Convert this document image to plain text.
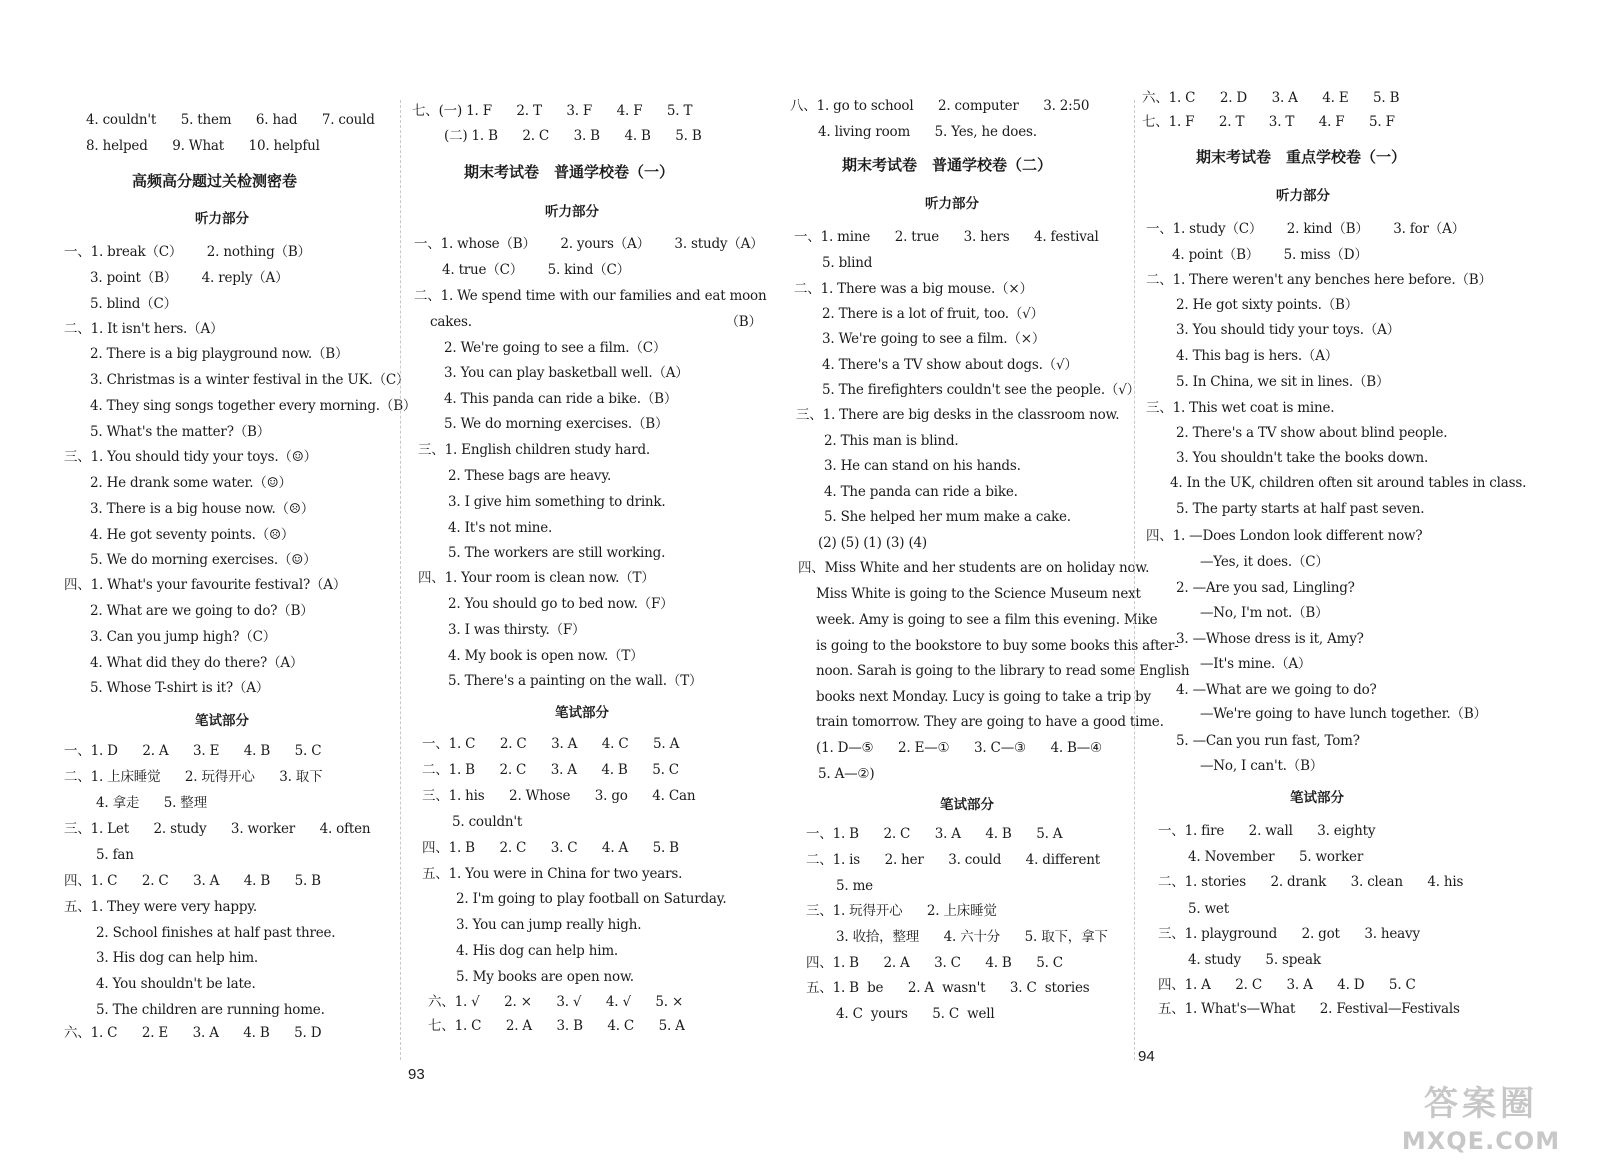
4. couldn't      5. them      6. had      7. could
8. helped      9. What      10. helpful
高频高分题过关检测密卷
听力部分
一、1. break（C）      2. nothing（B）
3. point（B）      4. reply（A）
5. blind（C）
二、1. It isn't hers.（A）
2. There is a big playground now.（B）
3. Christmas is a winter festival in the UK.（C）
4. They sing songs together every morning.（B）
5. What's the matter?（B）
三、1. You should tidy your toys.（☺）
2. He drank some water.（☺）
3. There is a big house now.（☹）
4. He got seventy points.（☹）
5. We do morning exercises.（☺）
四、1. What's your favourite festival?（A）
2. What are we going to do?（B）
3. Can you jump high?（C）
4. What did they do there?（A）
5. Whose T-shirt is it?（A）
笔试部分
一、1. D      2. A      3. E      4. B      5. C
二、1. 上床睡觉      2. 玩得开心      3. 取下
4. 拿走      5. 整理
三、1. Let      2. study      3. worker      4. often
5. fan
四、1. C      2. C      3. A      4. B      5. B
五、1. They were very happy.
2. School finishes at half past three.
3. His dog can help him.
4. You shouldn't be late.
5. The children are running home.
六、1. C      2. E      3. A      4. B      5. D
七、(一) 1. F      2. T      3. F      4. F      5. T
(二) 1. B      2. C      3. B      4. B      5. B
期末考试卷　普通学校卷（一）
听力部分
一、1. whose（B）      2. yours（A）      3. study（A）
4. true（C）      5. kind（C）
二、1. We spend time with our families and eat moon
cakes.                                                              （B）
2. We're going to see a film.（C）
3. You can play basketball well.（A）
4. This panda can ride a bike.（B）
5. We do morning exercises.（B）
三、1. English children study hard.
2. These bags are heavy.
3. I give him something to drink.
4. It's not mine.
5. The workers are still working.
四、1. Your room is clean now.（T）
2. You should go to bed now.（F）
3. I was thirsty.（F）
4. My book is open now.（T）
5. There's a painting on the wall.（T）
笔试部分
一、1. C      2. C      3. A      4. C      5. A
二、1. B      2. C      3. A      4. B      5. C
三、1. his      2. Whose      3. go      4. Can
5. couldn't
四、1. B      2. C      3. C      4. A      5. B
五、1. You were in China for two years.
2. I'm going to play football on Saturday.
3. You can jump really high.
4. His dog can help him.
5. My books are open now.
六、1. √      2. ×      3. √      4. √      5. ×
七、1. C      2. A      3. B      4. C      5. A
93
八、1. go to school      2. computer      3. 2:50
4. living room      5. Yes, he does.
期末考试卷　普通学校卷（二）
听力部分
一、1. mine      2. true      3. hers      4. festival
5. blind
二、1. There was a big mouse.（×）
2. There is a lot of fruit, too.（√）
3. We're going to see a film.（×）
4. There's a TV show about dogs.（√）
5. The firefighters couldn't see the people.（√）
三、1. There are big desks in the classroom now.
2. This man is blind.
3. He can stand on his hands.
4. The panda can ride a bike.
5. She helped her mum make a cake.
(2) (5) (1) (3) (4)
四、Miss White and her students are on holiday now.
Miss White is going to the Science Museum next
week. Amy is going to see a film this evening. Mike
is going to the bookstore to buy some books this after-
noon. Sarah is going to the library to read some English
books next Monday. Lucy is going to take a trip by
train tomorrow. They are going to have a good time.
(1. D—⑤      2. E—①      3. C—③      4. B—④
5. A—②)
笔试部分
一、1. B      2. C      3. A      4. B      5. A
二、1. is      2. her      3. could      4. different
5. me
三、1. 玩得开心      2. 上床睡觉
3. 收拾，整理      4. 六十分      5. 取下，拿下
四、1. B      2. A      3. C      4. B      5. C
五、1. B  be      2. A  wasn't      3. C  stories
4. C  yours      5. C  well
六、1. C      2. D      3. A      4. E      5. B
七、1. F      2. T      3. T      4. F      5. F
期末考试卷　重点学校卷（一）
听力部分
一、1. study（C）      2. kind（B）      3. for（A）
4. point（B）      5. miss（D）
二、1. There weren't any benches here before.（B）
2. He got sixty points.（B）
3. You should tidy your toys.（A）
4. This bag is hers.（A）
5. In China, we sit in lines.（B）
三、1. This wet coat is mine.
2. There's a TV show about blind people.
3. You shouldn't take the books down.
4. In the UK, children often sit around tables in class.
5. The party starts at half past seven.
四、1. —Does London look different now?
—Yes, it does.（C）
2. —Are you sad, Lingling?
—No, I'm not.（B）
3. —Whose dress is it, Amy?
—It's mine.（A）
4. —What are we going to do?
—We're going to have lunch together.（B）
5. —Can you run fast, Tom?
—No, I can't.（B）
笔试部分
一、1. fire      2. wall      3. eighty
4. November      5. worker
二、1. stories      2. drank      3. clean      4. his
5. wet
三、1. playground      2. got      3. heavy
4. study      5. speak
四、1. A      2. C      3. A      4. D      5. C
五、1. What's—What      2. Festival—Festivals
94
答案圈
MXQE.COM
